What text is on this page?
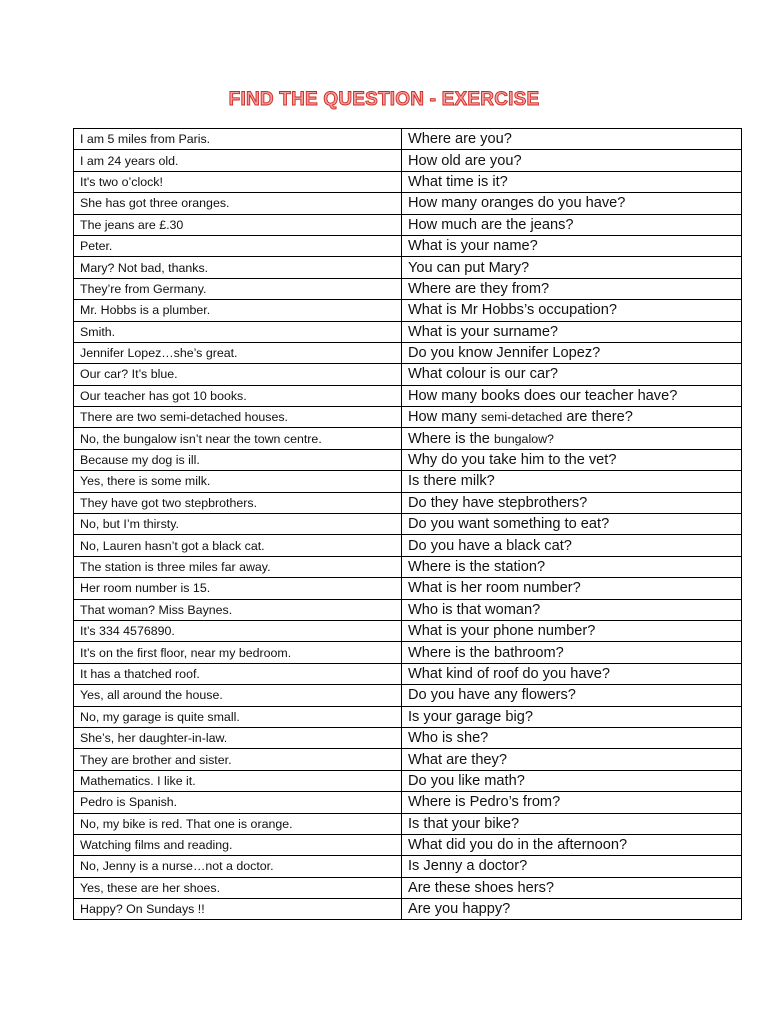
FIND THE QUESTION - EXERCISE
I am 5 miles from Paris.	Where are you?
I am 24 years old.	How old are you?
It's two o’clock!	What time is it?
She has got three oranges.	How many oranges do you have?
The jeans are £.30	How much are the jeans?
Peter.	What is your name?
Mary? Not bad, thanks.	You can put Mary?
They’re from Germany.	Where are they from?
Mr. Hobbs is a plumber.	What is Mr Hobbs’s occupation?
Smith.	What is your surname?
Jennifer Lopez…she’s great.	Do you know Jennifer Lopez?
Our car? It’s blue.	What colour is our car?
Our teacher has got 10 books.	How many books does our teacher have?
There are two semi-detached houses.	How many semi-detached are there?
No, the bungalow isn’t near the town centre.	Where is the bungalow?
Because my dog is ill.	Why do you take him to the vet?
Yes, there is some milk.	Is there milk?
They have got two stepbrothers.	Do they have stepbrothers?
No, but I’m thirsty.	Do you want something to eat?
No, Lauren hasn’t got a black cat.	Do you have a black cat?
The station is three miles far away.	Where is the station?
Her room number is 15.	What is her room number?
That woman? Miss Baynes.	Who is that woman?
It’s 334 4576890.	What is your phone number?
It’s on the first floor, near my bedroom.	Where is the bathroom?
It has a thatched roof.	What kind of roof do you have?
Yes, all around the house.	Do you have any flowers?
No, my garage is quite small.	Is your garage big?
She’s, her daughter-in-law.	Who is she?
They are brother and sister.	What are they?
Mathematics. I like it.	Do you like math?
Pedro is Spanish.	Where is Pedro’s from?
No, my bike is red. That one is orange.	Is that your bike?
Watching films and reading.	What did you do in the afternoon?
No, Jenny is a nurse…not a doctor.	Is Jenny a doctor?
Yes, these are her shoes.	Are these shoes hers?
Happy? On Sundays !!	Are you happy?
